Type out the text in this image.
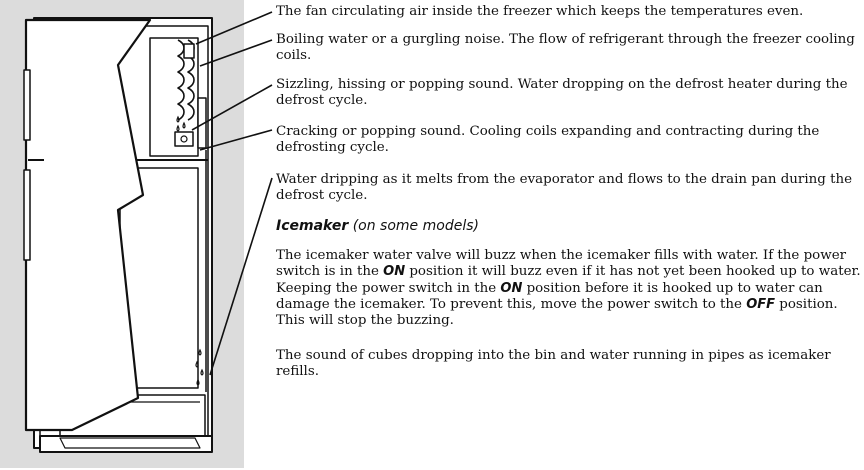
The fan circulating air inside the freezer which keeps the temperatures even.

Boiling water or a gurgling noise. The flow of refrigerant through the freezer cooling coils.

Sizzling, hissing or popping sound. Water dropping on the defrost heater during the defrost cycle.

Cracking or popping sound. Cooling coils expanding and contracting during the defrosting cycle.

Water dripping as it melts from the evaporator and flows to the drain pan during the defrost cycle.

Icemaker (on some models)

The icemaker water valve will buzz when the icemaker fills with water. If the power switch is in the ON position it will buzz even if it has not yet been hooked up to water. Keeping the power switch in the ON position before it is hooked up to water can damage the icemaker. To prevent this, move the power switch to the OFF position. This will stop the buzzing.

The sound of cubes dropping into the bin and water running in pipes as icemaker refills.
